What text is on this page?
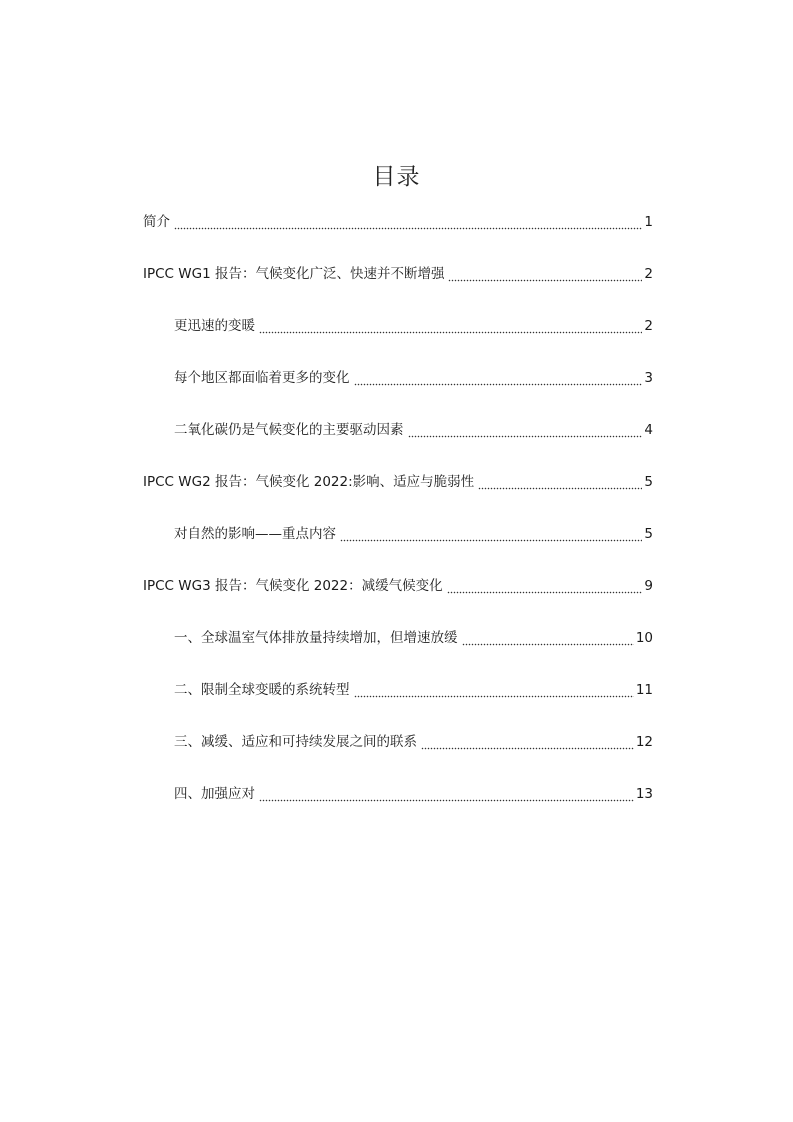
目录
简介	1
IPCC WG1 报告：气候变化广泛、快速并不断增强	2
更迅速的变暖	2
每个地区都面临着更多的变化	3
二氧化碳仍是气候变化的主要驱动因素	4
IPCC WG2 报告：气候变化 2022:影响、适应与脆弱性	5
对自然的影响——重点内容	5
IPCC WG3 报告：气候变化 2022：减缓气候变化	9
一、全球温室气体排放量持续增加，但增速放缓	10
二、限制全球变暖的系统转型	11
三、减缓、适应和可持续发展之间的联系	12
四、加强应对	13
